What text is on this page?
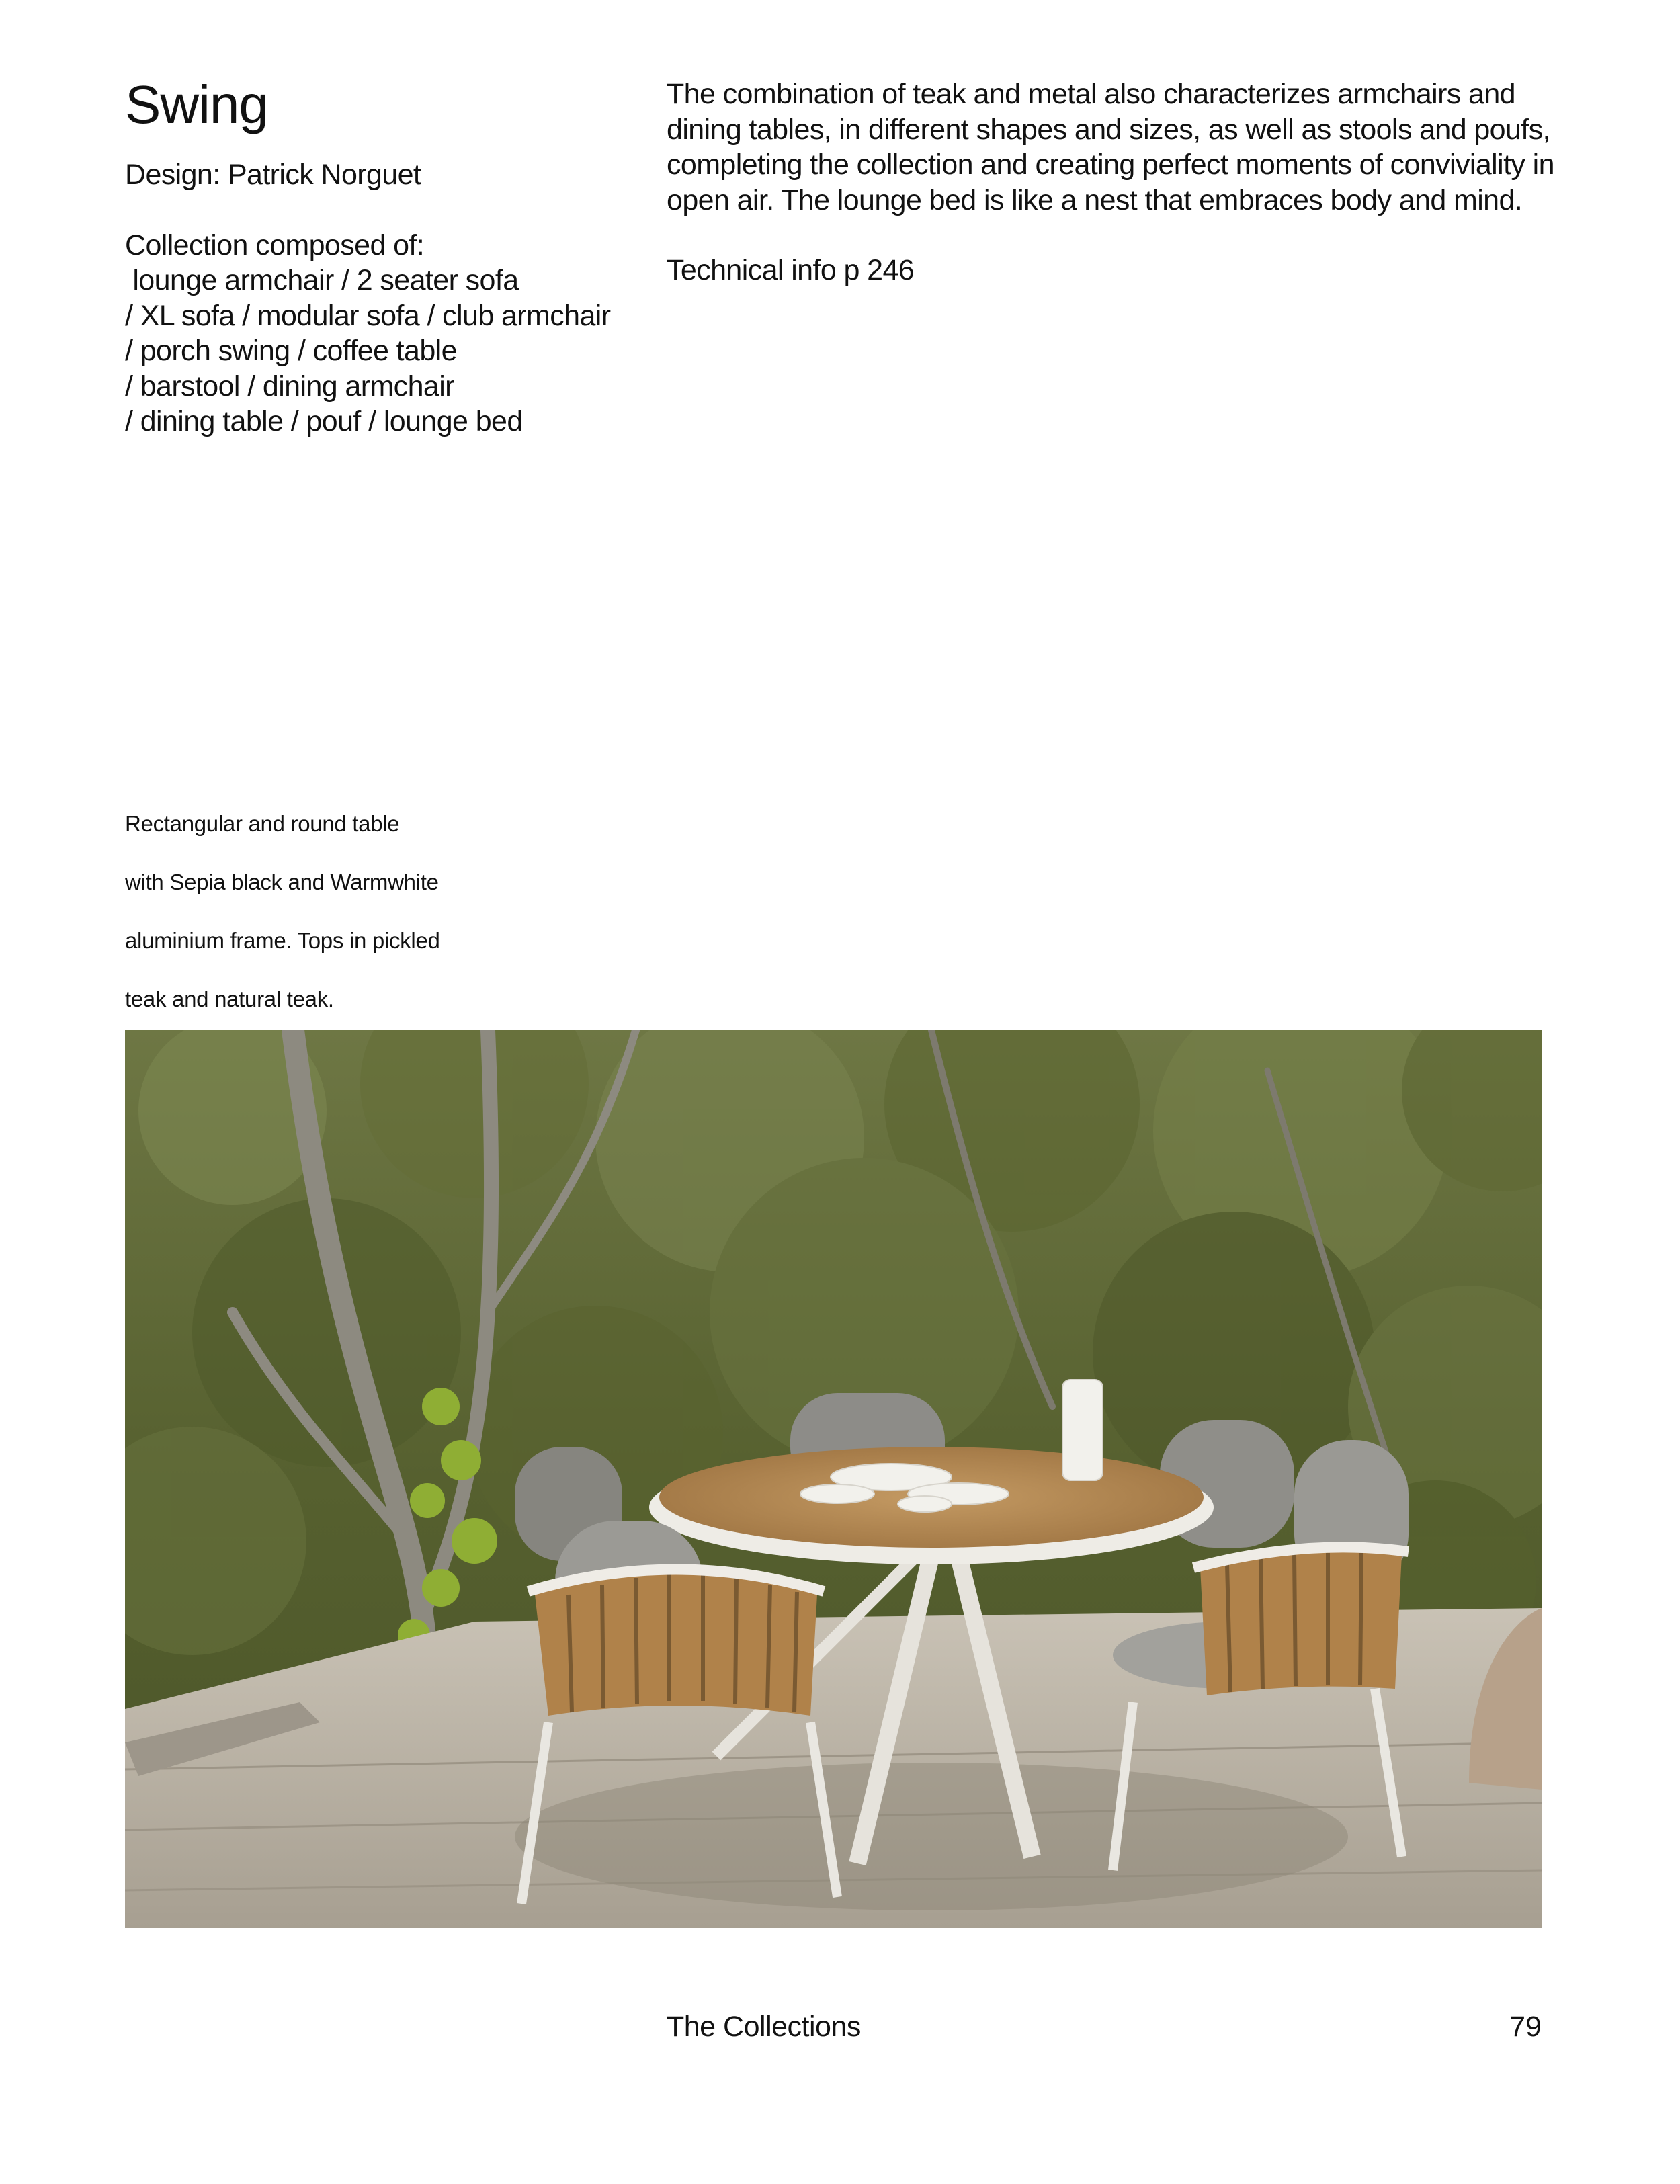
Swing

Design: Patrick Norguet

Collection composed of:

lounge armchair / 2 seater sofa

/ XL sofa / modular sofa / club armchair

/ porch swing / coffee table

/ barstool / dining armchair

/ dining table / pouf / lounge bed

The combination of teak and metal also characterizes armchairs and

dining tables, in different shapes and sizes, as well as stools and poufs,

completing the collection and creating perfect moments of conviviality in

open air. The lounge bed is like a nest that embraces body and mind.

Technical info p 246

Rectangular and round table

with Sepia black and Warmwhite

aluminium frame. Tops in pickled

teak and natural teak.

The Collections	79
